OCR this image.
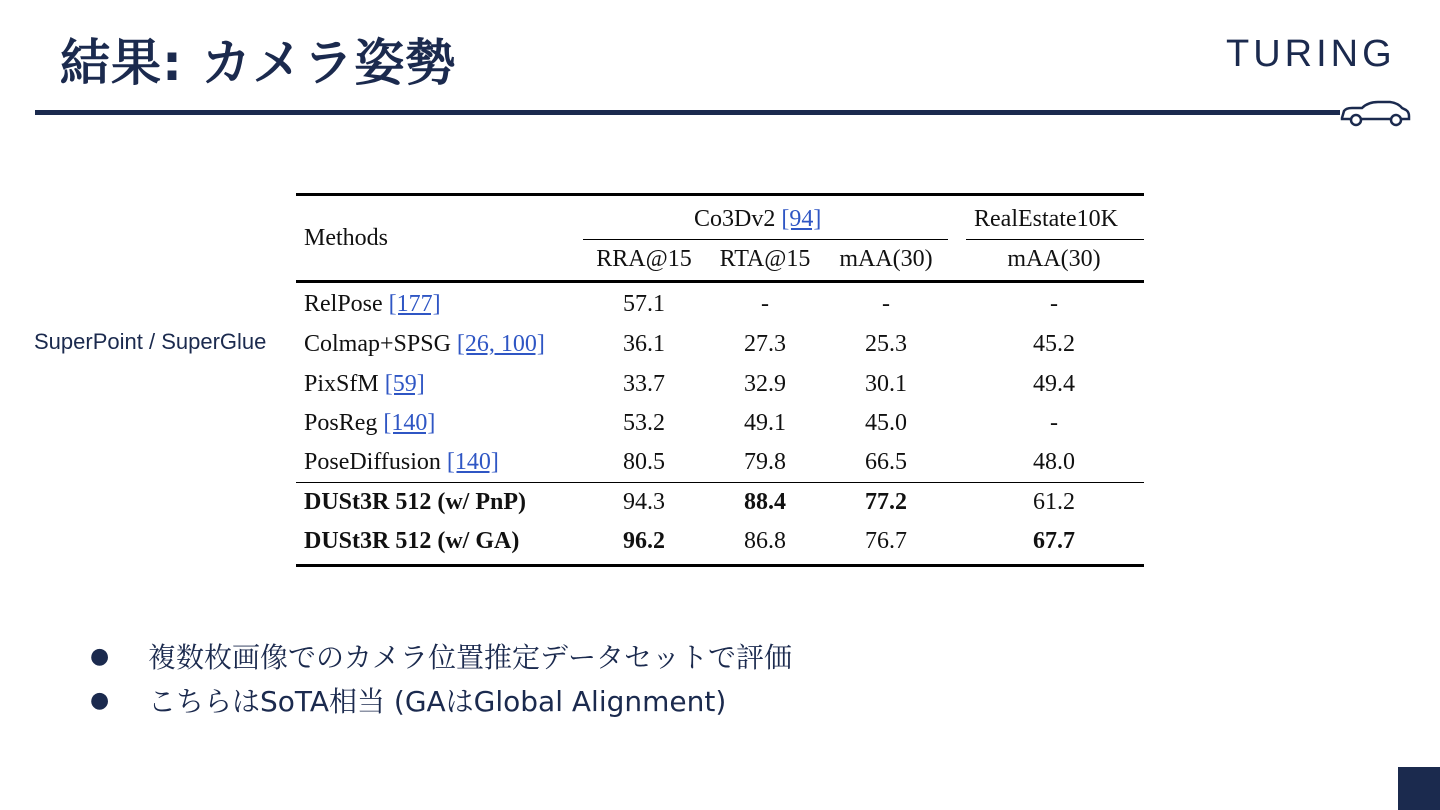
結果: カメラ姿勢	TURING
SuperPoint / SuperGlue
Methods
Co3Dv2 [94]	RealEstate10K
RRA@15 RTA@15 mAA(30)	mAA(30)
RelPose [177]	57.1	-	-	-
Colmap+SPSG [26, 100]	36.1	27.3	25.3	45.2
PixSfM [59]	33.7	32.9	30.1	49.4
PosReg [140]	53.2	49.1	45.0	-
PoseDiffusion [140]	80.5	79.8	66.5	48.0
DUSt3R 512 (w/ PnP)	94.3	88.4	77.2	61.2
DUSt3R 512 (w/ GA)	96.2	86.8	76.7	67.7
●	複数枚画像でのカメラ位置推定データセットで評価
●	こちらはSoTA相当 (GAはGlobal Alignment)
